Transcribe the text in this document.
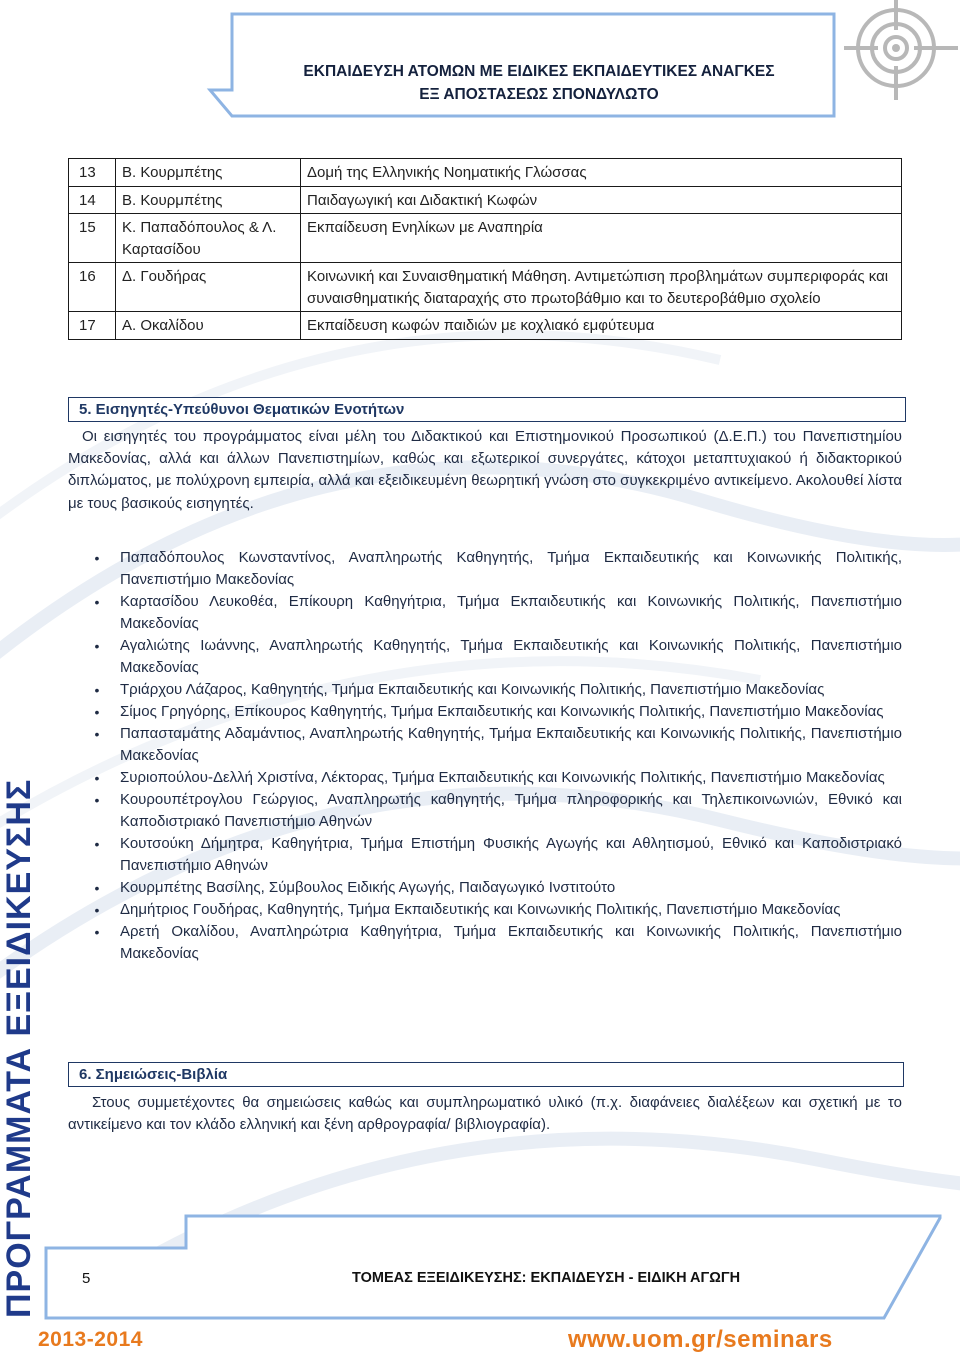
ΕΚΠΑΙΔΕΥΣΗ ΑΤΟΜΩΝ ΜΕ ΕΙΔΙΚΕΣ ΕΚΠΑΙΔΕΥΤΙΚΕΣ ΑΝΑΓΚΕΣ
ΕΞ ΑΠΟΣΤΑΣΕΩΣ ΣΠΟΝΔΥΛΩΤΟ
13	Β. Κουρμπέτης	Δομή της Ελληνικής Νοηματικής Γλώσσας
14	Β. Κουρμπέτης	Παιδαγωγική και Διδακτική Κωφών
15	Κ. Παπαδόπουλος & Λ. Καρτασίδου	Εκπαίδευση Ενηλίκων με Αναπηρία
16	Δ. Γουδήρας	Κοινωνική και Συναισθηματική Μάθηση. Αντιμετώπιση προβλημάτων συμπεριφοράς και συναισθηματικής διαταραχής στο πρωτοβάθμιο και το δευτεροβάθμιο σχολείο
17	Α. Οκαλίδου	Εκπαίδευση κωφών παιδιών με κοχλιακό εμφύτευμα
5. Εισηγητές-Υπεύθυνοι Θεματικών Ενοτήτων

Οι εισηγητές του προγράμματος είναι μέλη του Διδακτικού και Επιστημονικού Προσωπικού (Δ.Ε.Π.) του Πανεπιστημίου Μακεδονίας, αλλά και άλλων Πανεπιστημίων, καθώς και εξωτερικοί συνεργάτες, κάτοχοι μεταπτυχιακού ή διδακτορικού διπλώματος, με πολύχρονη εμπειρία, αλλά και εξειδικευμένη θεωρητική γνώση στο συγκεκριμένο αντικείμενο. Ακολουθεί λίστα με τους βασικούς εισηγητές.

• Παπαδόπουλος Κωνσταντίνος, Αναπληρωτής Καθηγητής, Τμήμα Εκπαιδευτικής και Κοινωνικής Πολιτικής, Πανεπιστήμιο Μακεδονίας
• Καρτασίδου Λευκοθέα, Επίκουρη Καθηγήτρια, Τμήμα Εκπαιδευτικής και Κοινωνικής Πολιτικής, Πανεπιστήμιο Μακεδονίας
• Αγαλιώτης Ιωάννης, Αναπληρωτής Καθηγητής, Τμήμα Εκπαιδευτικής και Κοινωνικής Πολιτικής, Πανεπιστήμιο Μακεδονίας
• Τριάρχου Λάζαρος, Καθηγητής, Τμήμα Εκπαιδευτικής και Κοινωνικής Πολιτικής, Πανεπιστήμιο Μακεδονίας
• Σίμος Γρηγόρης, Επίκουρος Καθηγητής, Τμήμα Εκπαιδευτικής και Κοινωνικής Πολιτικής, Πανεπιστήμιο Μακεδονίας
• Παπασταμάτης Αδαμάντιος, Αναπληρωτής Καθηγητής, Τμήμα Εκπαιδευτικής και Κοινωνικής Πολιτικής, Πανεπιστήμιο Μακεδονίας
• Συριοπούλου-Δελλή Χριστίνα, Λέκτορας, Τμήμα Εκπαιδευτικής και Κοινωνικής Πολιτικής, Πανεπιστήμιο Μακεδονίας
• Κουρουπέτρογλου Γεώργιος, Αναπληρωτής καθηγητής, Τμήμα πληροφορικής και Τηλεπικοινωνιών, Εθνικό και Καποδιστριακό Πανεπιστήμιο Αθηνών
• Κουτσούκη Δήμητρα, Καθηγήτρια, Τμήμα Επιστήμη Φυσικής Αγωγής και Αθλητισμού, Εθνικό και Καποδιστριακό Πανεπιστήμιο Αθηνών
• Κουρμπέτης Βασίλης, Σύμβουλος Ειδικής Αγωγής, Παιδαγωγικό Ινστιτούτο
• Δημήτριος Γουδήρας, Καθηγητής, Τμήμα Εκπαιδευτικής και Κοινωνικής Πολιτικής, Πανεπιστήμιο Μακεδονίας
• Αρετή Οκαλίδου, Αναπληρώτρια Καθηγήτρια, Τμήμα Εκπαιδευτικής και Κοινωνικής Πολιτικής, Πανεπιστήμιο Μακεδονίας
6. Σημειώσεις-Βιβλία

Στους συμμετέχοντες θα σημειώσεις καθώς και συμπληρωματικό υλικό (π.χ. διαφάνειες διαλέξεων και σχετική με το αντικείμενο και τον κλάδο ελληνική και ξένη αρθρογραφία/ βιβλιογραφία).

ΠΡΟΓΡΑΜΜΑΤΑ ΕΞΕΙΔΙΚΕΥΣΗΣ	5	ΤΟΜΕΑΣ ΕΞΕΙΔΙΚΕΥΣΗΣ: ΕΚΠΑΙΔΕΥΣΗ - ΕΙΔΙΚΗ ΑΓΩΓΗ
2013-2014	www.uom.gr/seminars
